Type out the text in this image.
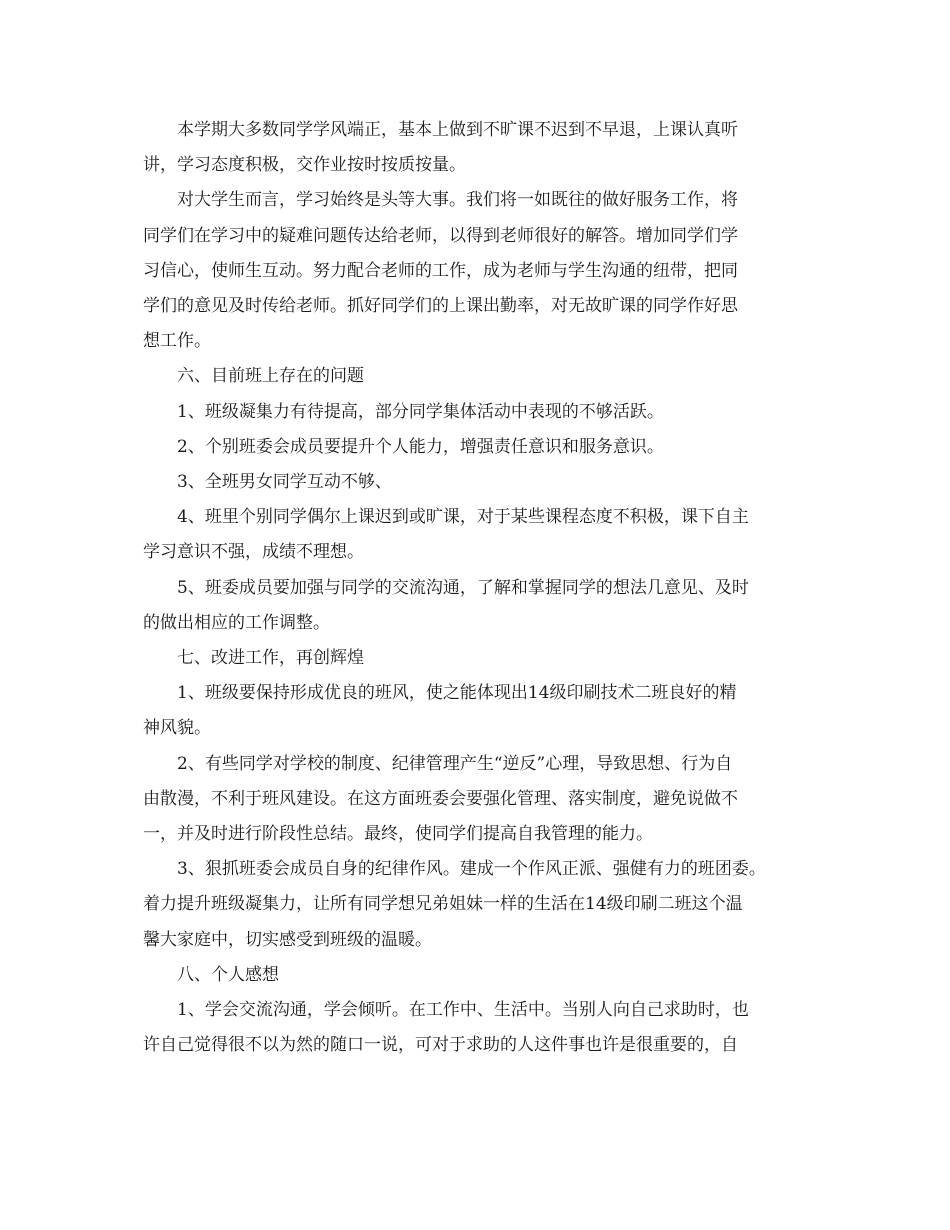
本学期大多数同学学风端正，基本上做到不旷课不迟到不早退，上课认真听
讲，学习态度积极，交作业按时按质按量。

对大学生而言，学习始终是头等大事。我们将一如既往的做好服务工作，将
同学们在学习中的疑难问题传达给老师，以得到老师很好的解答。增加同学们学
习信心，使师生互动。努力配合老师的工作，成为老师与学生沟通的纽带，把同
学们的意见及时传给老师。抓好同学们的上课出勤率，对无故旷课的同学作好思
想工作。

六、目前班上存在的问题

1、班级凝集力有待提高，部分同学集体活动中表现的不够活跃。

2、个别班委会成员要提升个人能力，增强责任意识和服务意识。

3、全班男女同学互动不够、

4、班里个别同学偶尔上课迟到或旷课，对于某些课程态度不积极，课下自主
学习意识不强，成绩不理想。

5、班委成员要加强与同学的交流沟通，了解和掌握同学的想法几意见、及时
的做出相应的工作调整。

七、改进工作，再创辉煌

1、班级要保持形成优良的班风，使之能体现出14级印刷技术二班良好的精
神风貌。

2、有些同学对学校的制度、纪律管理产生“逆反”心理，导致思想、行为自
由散漫，不利于班风建设。在这方面班委会要强化管理、落实制度，避免说做不
一，并及时进行阶段性总结。最终，使同学们提高自我管理的能力。

3、狠抓班委会成员自身的纪律作风。建成一个作风正派、强健有力的班团委。
着力提升班级凝集力，让所有同学想兄弟姐妹一样的生活在14级印刷二班这个温
馨大家庭中，切实感受到班级的温暖。

八、个人感想

1、学会交流沟通，学会倾听。在工作中、生活中。当别人向自己求助时，也
许自己觉得很不以为然的随口一说，可对于求助的人这件事也许是很重要的，自
